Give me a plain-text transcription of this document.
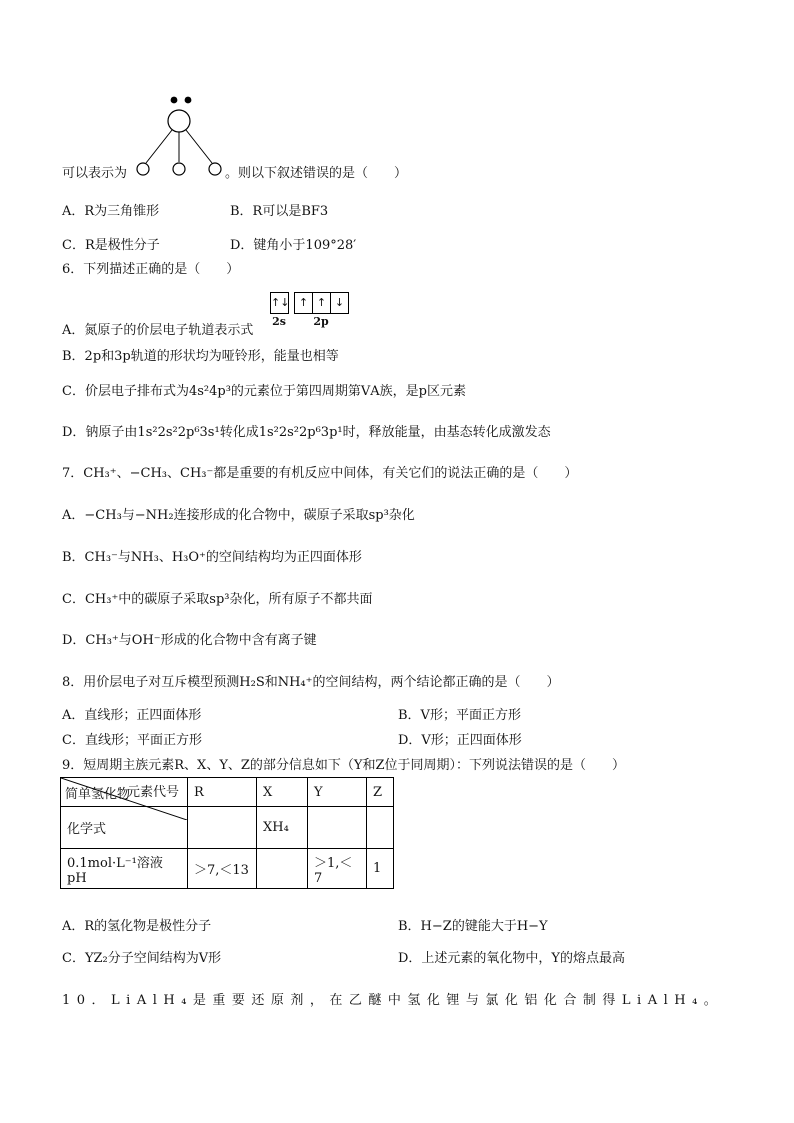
可以表示为	。则以下叙述错误的是（　　）
A．R为三角锥形	B．R可以是BF3
C．R是极性分子	D．键角小于109°28′
6．下列描述正确的是（　　）
↑↓
2s
↑ ↑ ↓
2p
A．氮原子的价层电子轨道表示式
B．2p和3p轨道的形状均为哑铃形，能量也相等
C．价层电子排布式为4s²4p³的元素位于第四周期第ⅤA族，是p区元素
D．钠原子由1s²2s²2p⁶3s¹转化成1s²2s²2p⁶3p¹时，释放能量，由基态转化成激发态
7．CH₃⁺、−CH₃、CH₃⁻都是重要的有机反应中间体，有关它们的说法正确的是（　　）
A．−CH₃与−NH₂连接形成的化合物中，碳原子采取sp³杂化
B．CH₃⁻与NH₃、H₃O⁺的空间结构均为正四面体形
C．CH₃⁺中的碳原子采取sp³杂化，所有原子不都共面
D．CH₃⁺与OH⁻形成的化合物中含有离子键
8．用价层电子对互斥模型预测H₂S和NH₄⁺的空间结构，两个结论都正确的是（　　）
A．直线形；正四面体形	B．V形；平面正方形
C．直线形；平面正方形	D．V形；正四面体形
9．短周期主族元素R、X、Y、Z的部分信息如下（Y和Z位于同周期）：下列说法错误的是（　　）
元素代号
简单氢化物	R	X	Y	Z
化学式		XH₄		
0.1mol·L⁻¹溶液pH	＞7,＜13		＞1,＜7	1
A．R的氢化物是极性分子	B．H−Z的键能大于H−Y
C．YZ₂分子空间结构为V形	D．上述元素的氧化物中，Y的熔点最高
10．LiAlH₄是重要还原剂，在乙醚中氢化锂与氯化铝化合制得LiAlH₄。
